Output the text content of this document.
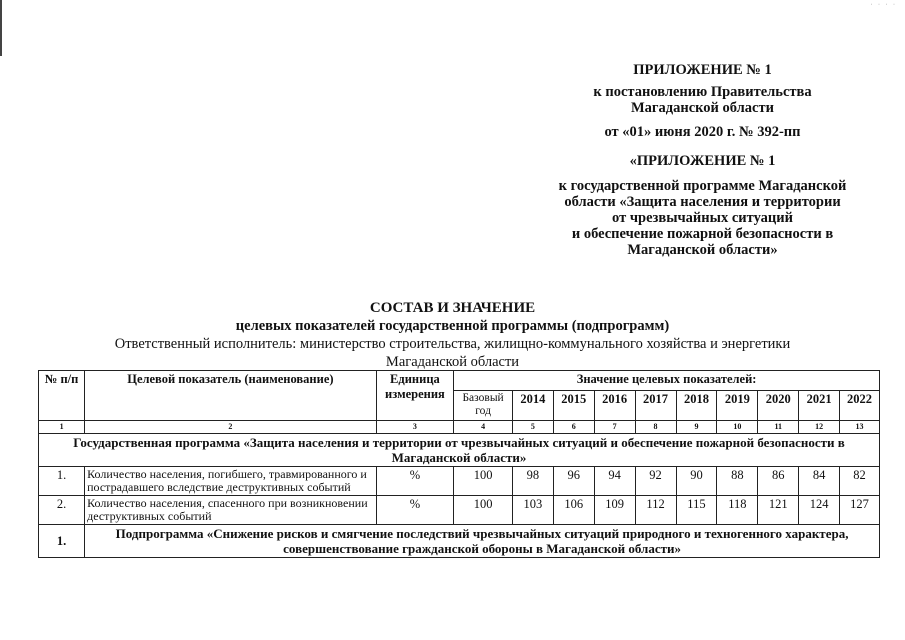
· · · ·
ПРИЛОЖЕНИЕ № 1
к постановлению Правительства
Магаданской области
от «01» июня 2020 г. № 392-пп
«ПРИЛОЖЕНИЕ № 1
к государственной программе Магаданской
области «Защита населения и территории
от чрезвычайных ситуаций
и обеспечение пожарной безопасности в
Магаданской области»
СОСТАВ И ЗНАЧЕНИЕ
целевых показателей государственной программы (подпрограмм)
Ответственный исполнитель: министерство строительства, жилищно-коммунального хозяйства и энергетики
Магаданской области
№ п/п	Целевой показатель (наименование)	Единица измерения	Значение целевых показателей:									
			Базовый год	2014	2015	2016	2017	2018	2019	2020	2021	2022
1	2	3	4	5	6	7	8	9	10	11	12	13
Государственная программа «Защита населения и территории от чрезвычайных ситуаций и обеспечение пожарной безопасности в Магаданской области»												
1.	Количество населения, погибшего, травмированного и пострадавшего вследствие деструктивных событий	%	100	98	96	94	92	90	88	86	84	82
2.	Количество населения, спасенного при возникновении деструктивных событий	%	100	103	106	109	112	115	118	121	124	127
1.	Подпрограмма «Снижение рисков и смягчение последствий чрезвычайных ситуаций природного и техногенного характера, совершенствование гражданской обороны в Магаданской области»											
